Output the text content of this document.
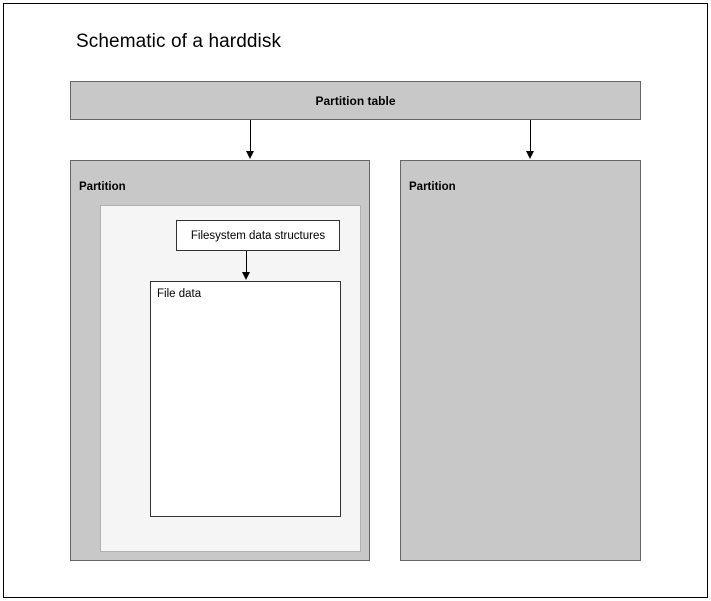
Schematic of a harddisk
Partition table
Partition	Partition
Filesystem data structures
File data
